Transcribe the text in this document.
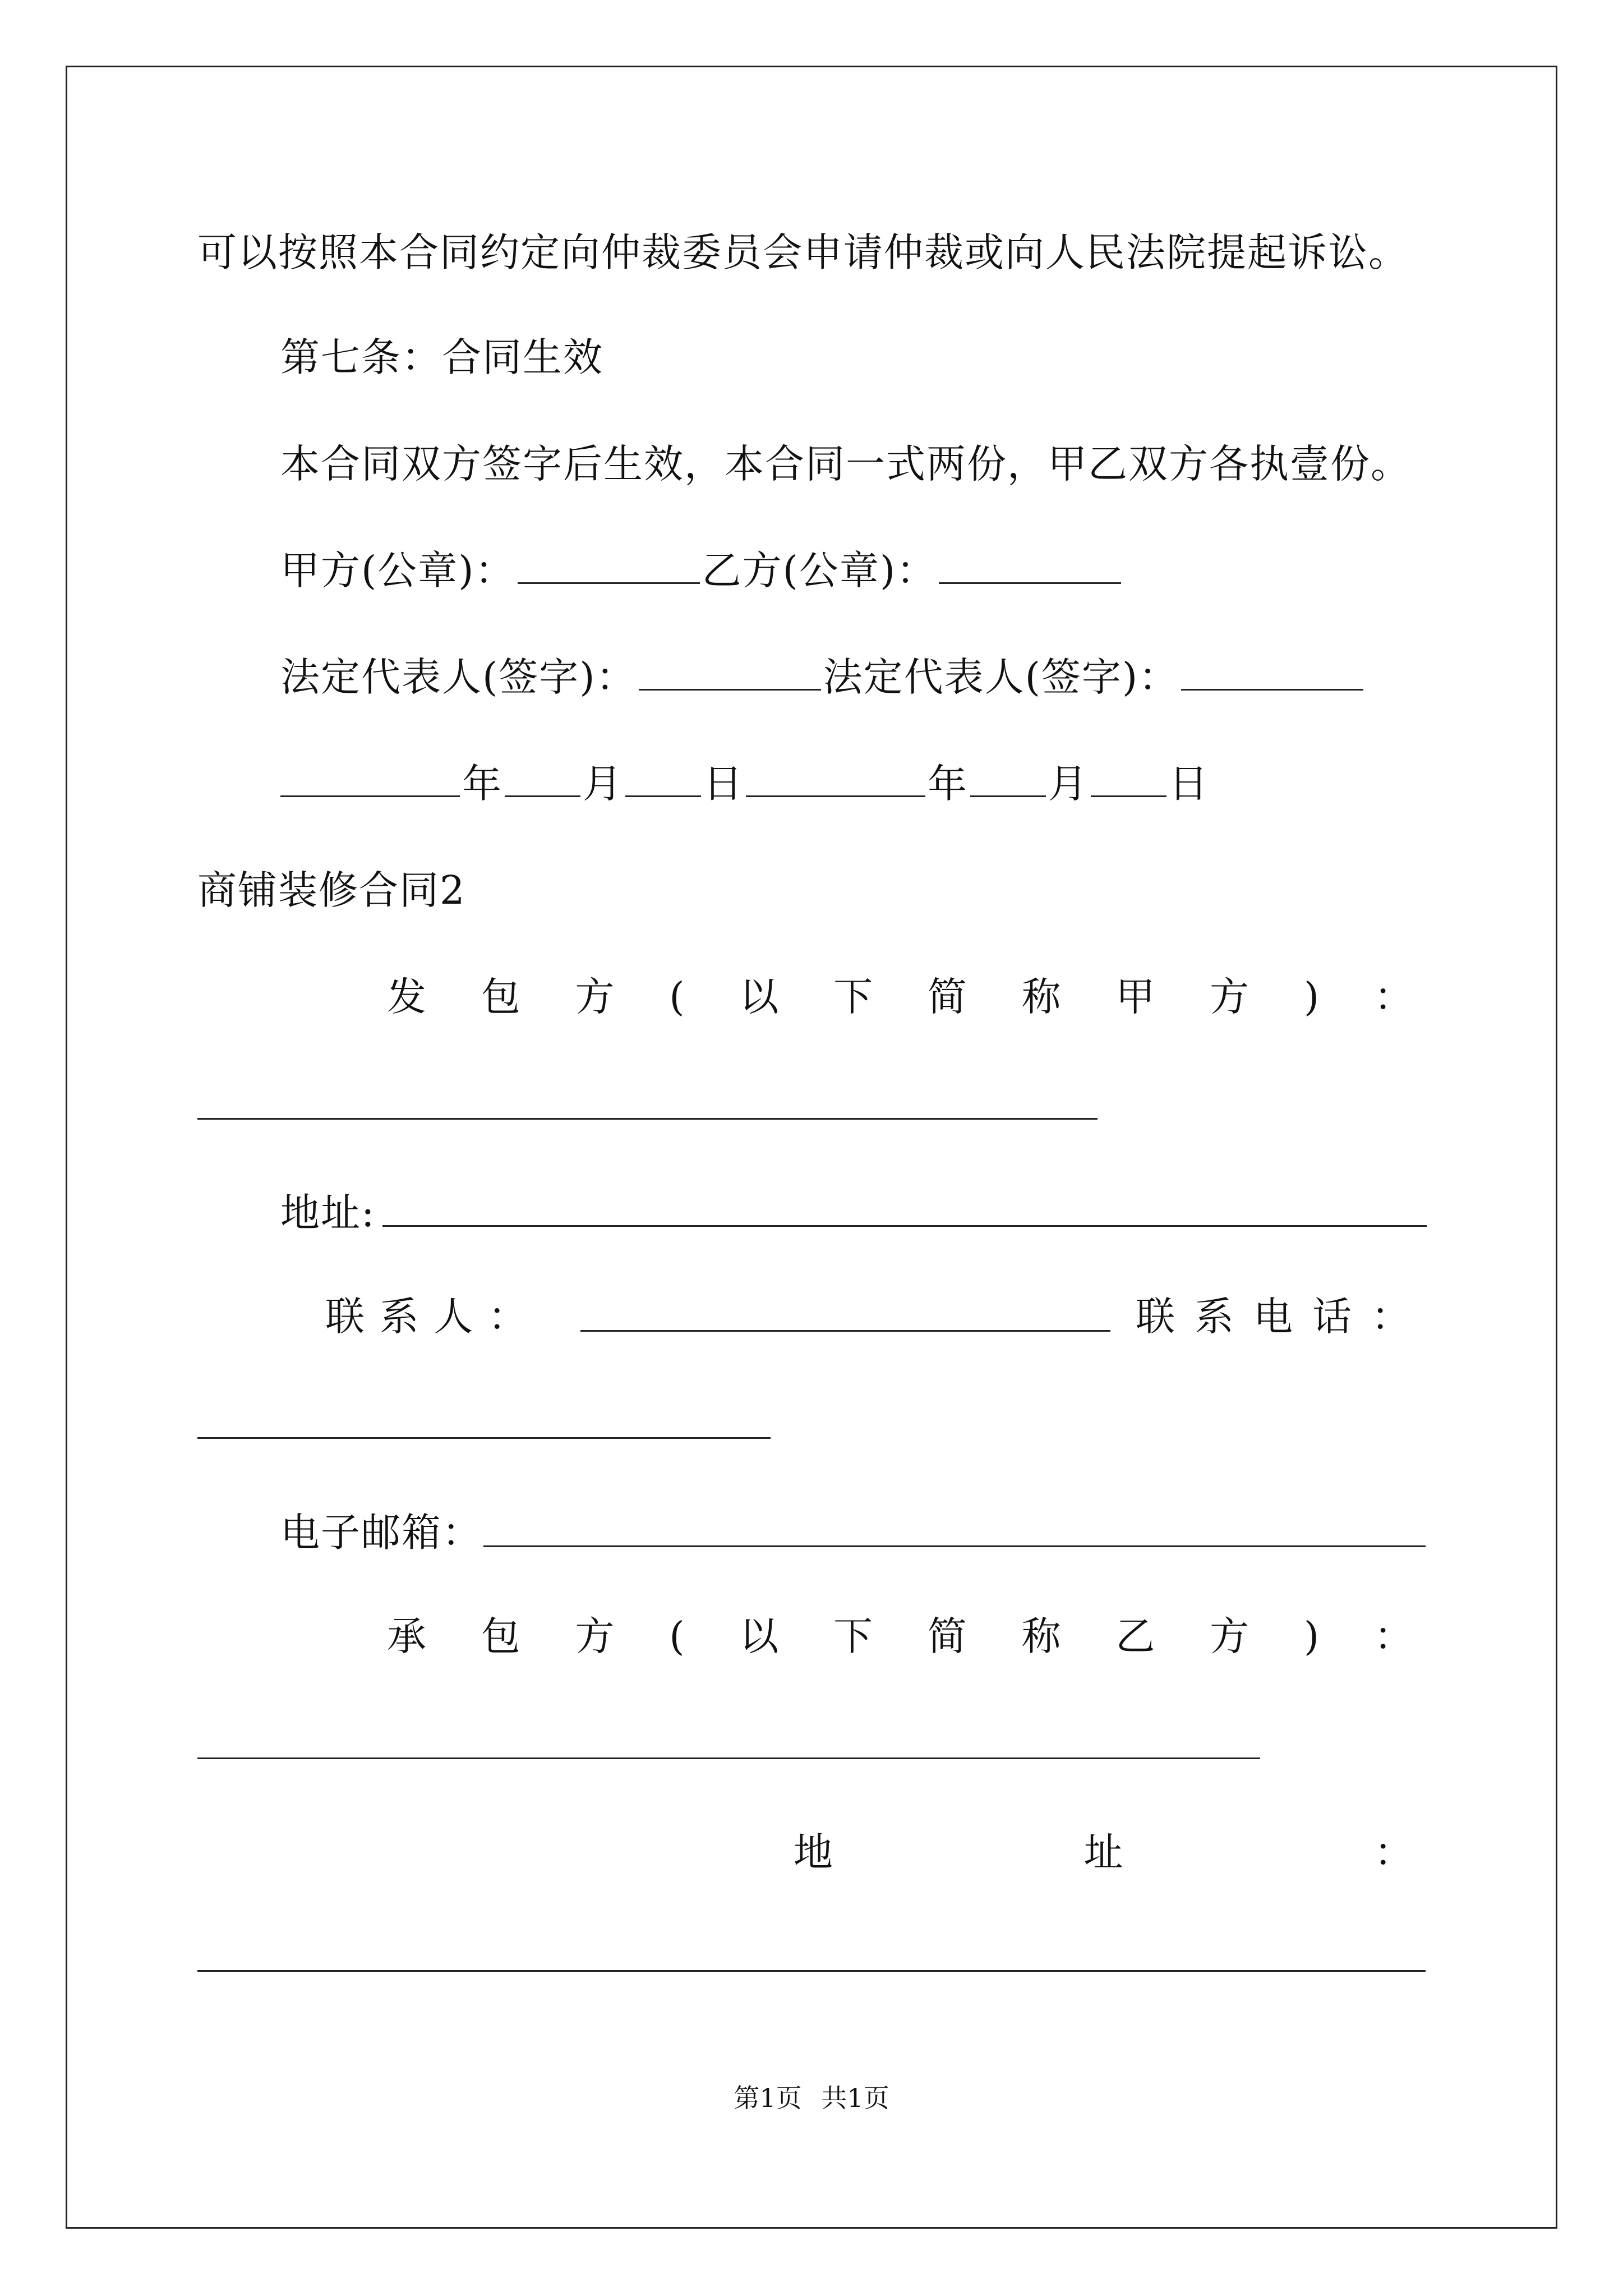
可以按照本合同约定向仲裁委员会申请仲裁或向人民法院提起诉讼。
第七条：合同生效
本合同双方签字后生效，本合同一式两份，甲乙双方各执壹份。
甲方(公章)：	乙方(公章)：
法定代表人(签字)：	法定代表人(签字)：
年 月 日	年 月 日
商铺装修合同2
发 包 方 ( 以 下 简 称 甲 方 ) ：
地址:
联 系 人 ：	联 系 电 话 ：
电子邮箱：
承 包 方 ( 以 下 简 称 乙 方 ) ：
地	址	：
第1页 共1页
